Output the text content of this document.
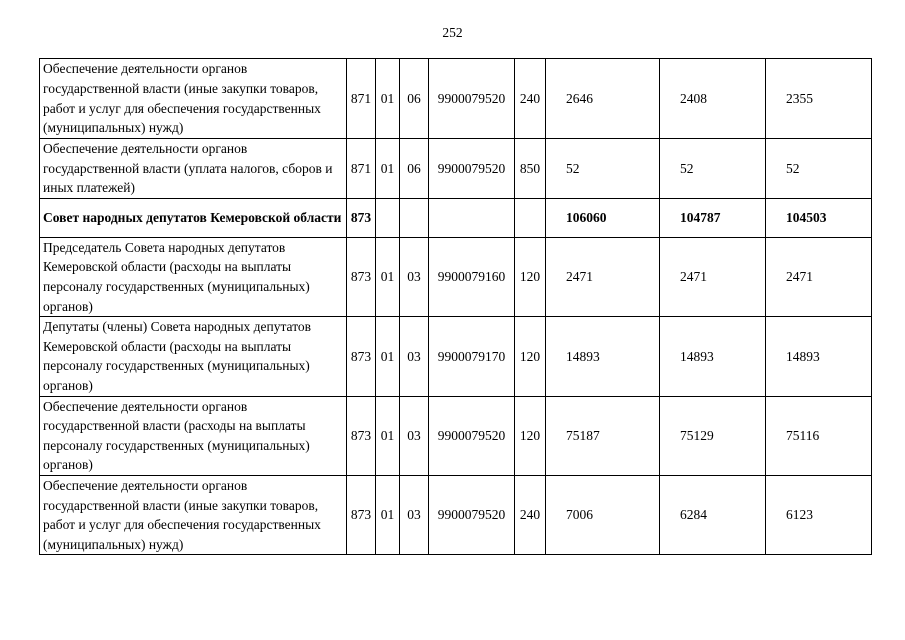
252
Обеспечение деятельности органов государственной власти (иные закупки товаров, работ и услуг для обеспечения государственных (муниципальных) нужд)	871	01	06	9900079520	240	2646	2408	2355
Обеспечение деятельности органов государственной власти (уплата налогов, сборов и иных платежей)	871	01	06	9900079520	850	52	52	52
Совет народных депутатов Кемеровской области	873					106060	104787	104503
Председатель Совета народных депутатов Кемеровской области (расходы на выплаты персоналу государственных (муниципальных) органов)	873	01	03	9900079160	120	2471	2471	2471
Депутаты (члены) Совета народных депутатов Кемеровской области (расходы на выплаты персоналу государственных (муниципальных) органов)	873	01	03	9900079170	120	14893	14893	14893
Обеспечение деятельности органов государственной власти (расходы на выплаты персоналу государственных (муниципальных) органов)	873	01	03	9900079520	120	75187	75129	75116
Обеспечение деятельности органов государственной власти (иные закупки товаров, работ и услуг для обеспечения государственных (муниципальных) нужд)	873	01	03	9900079520	240	7006	6284	6123
